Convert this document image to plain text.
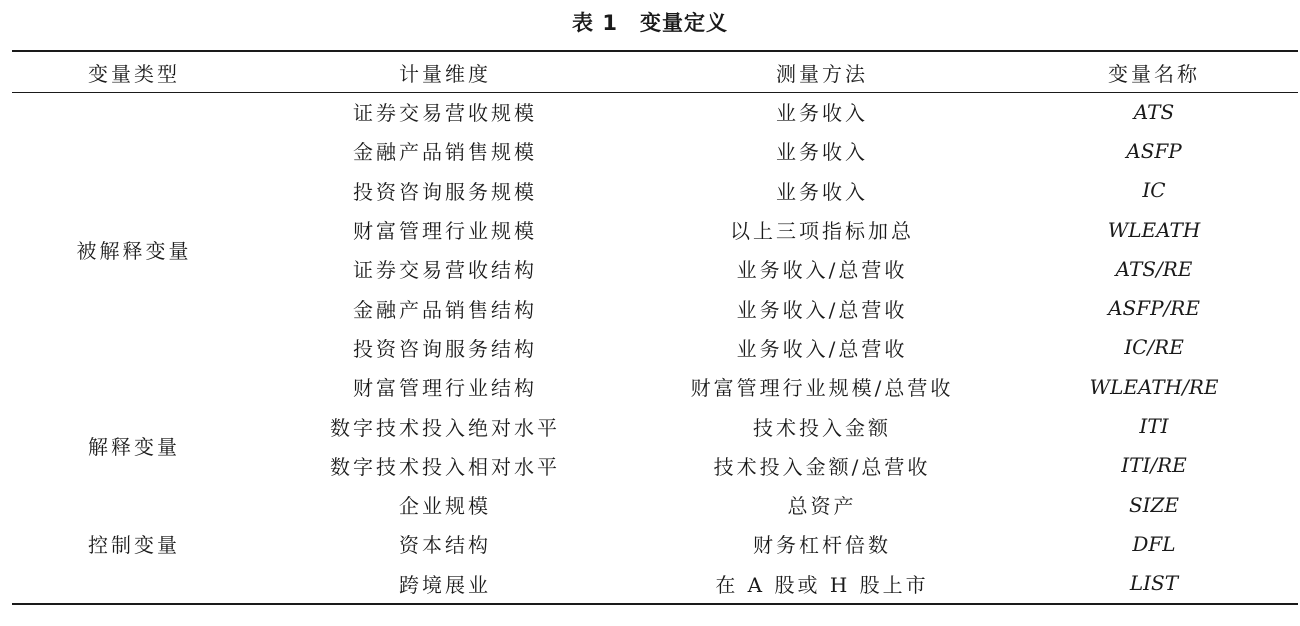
表 1 变量定义
变量类型	计量维度	测量方法	变量名称
被解释变量	证券交易营收规模	业务收入	ATS
	金融产品销售规模	业务收入	ASFP
	投资咨询服务规模	业务收入	IC
	财富管理行业规模	以上三项指标加总	WLEATH
	证券交易营收结构	业务收入/总营收	ATS/RE
	金融产品销售结构	业务收入/总营收	ASFP/RE
	投资咨询服务结构	业务收入/总营收	IC/RE
	财富管理行业结构	财富管理行业规模/总营收	WLEATH/RE
解释变量	数字技术投入绝对水平	技术投入金额	ITI
	数字技术投入相对水平	技术投入金额/总营收	ITI/RE
控制变量	企业规模	总资产	SIZE
	资本结构	财务杠杆倍数	DFL
	跨境展业	在 A 股或 H 股上市	LIST
